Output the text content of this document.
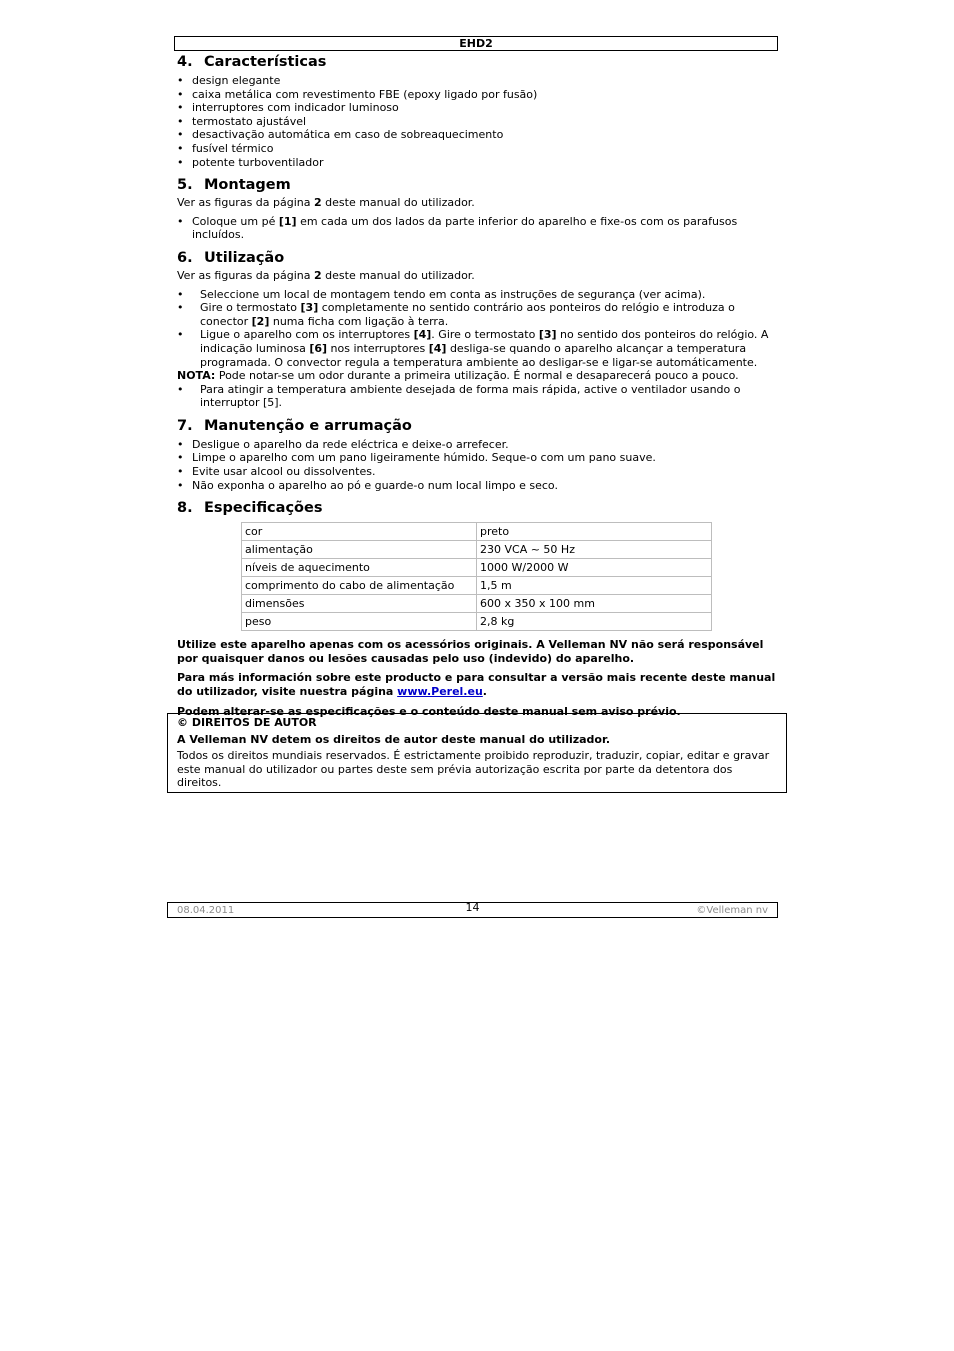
EHD2
4. Características
• design elegante
• caixa metálica com revestimento FBE (epoxy ligado por fusão)
• interruptores com indicador luminoso
• termostato ajustável
• desactivação automática em caso de sobreaquecimento
• fusível térmico
• potente turboventilador
5. Montagem
Ver as figuras da página 2 deste manual do utilizador.
• Coloque um pé [1] em cada um dos lados da parte inferior do aparelho e fixe-os com os parafusos incluídos.
6. Utilização
Ver as figuras da página 2 deste manual do utilizador.
• Seleccione um local de montagem tendo em conta as instruções de segurança (ver acima).
• Gire o termostato [3] completamente no sentido contrário aos ponteiros do relógio e introduza o conector [2] numa ficha com ligação à terra.
• Ligue o aparelho com os interruptores [4]. Gire o termostato [3] no sentido dos ponteiros do relógio. A indicação luminosa [6] nos interruptores [4] desliga-se quando o aparelho alcançar a temperatura programada. O convector regula a temperatura ambiente ao desligar-se e ligar-se automáticamente.
NOTA: Pode notar-se um odor durante a primeira utilização. É normal e desaparecerá pouco a pouco.
• Para atingir a temperatura ambiente desejada de forma mais rápida, active o ventilador usando o interruptor [5].
7. Manutenção e arrumação
• Desligue o aparelho da rede eléctrica e deixe-o arrefecer.
• Limpe o aparelho com um pano ligeiramente húmido. Seque-o com um pano suave.
• Evite usar alcool ou dissolventes.
• Não exponha o aparelho ao pó e guarde-o num local limpo e seco.
8. Especificações
cor	preto
alimentação	230 VCA ~ 50 Hz
níveis de aquecimento	1000 W/2000 W
comprimento do cabo de alimentação	1,5 m
dimensões	600 x 350 x 100 mm
peso	2,8 kg
Utilize este aparelho apenas com os acessórios originais. A Velleman NV não será responsável por quaisquer danos ou lesões causadas pelo uso (indevido) do aparelho.
Para más información sobre este producto e para consultar a versão mais recente deste manual do utilizador, visite nuestra página www.Perel.eu.
Podem alterar-se as especificações e o conteúdo deste manual sem aviso prévio.
© DIREITOS DE AUTOR
A Velleman NV detem os direitos de autor deste manual do utilizador.
Todos os direitos mundiais reservados. É estrictamente proibido reproduzir, traduzir, copiar, editar e gravar este manual do utilizador ou partes deste sem prévia autorização escrita por parte da detentora dos direitos.
08.04.2011	14	©Velleman nv
